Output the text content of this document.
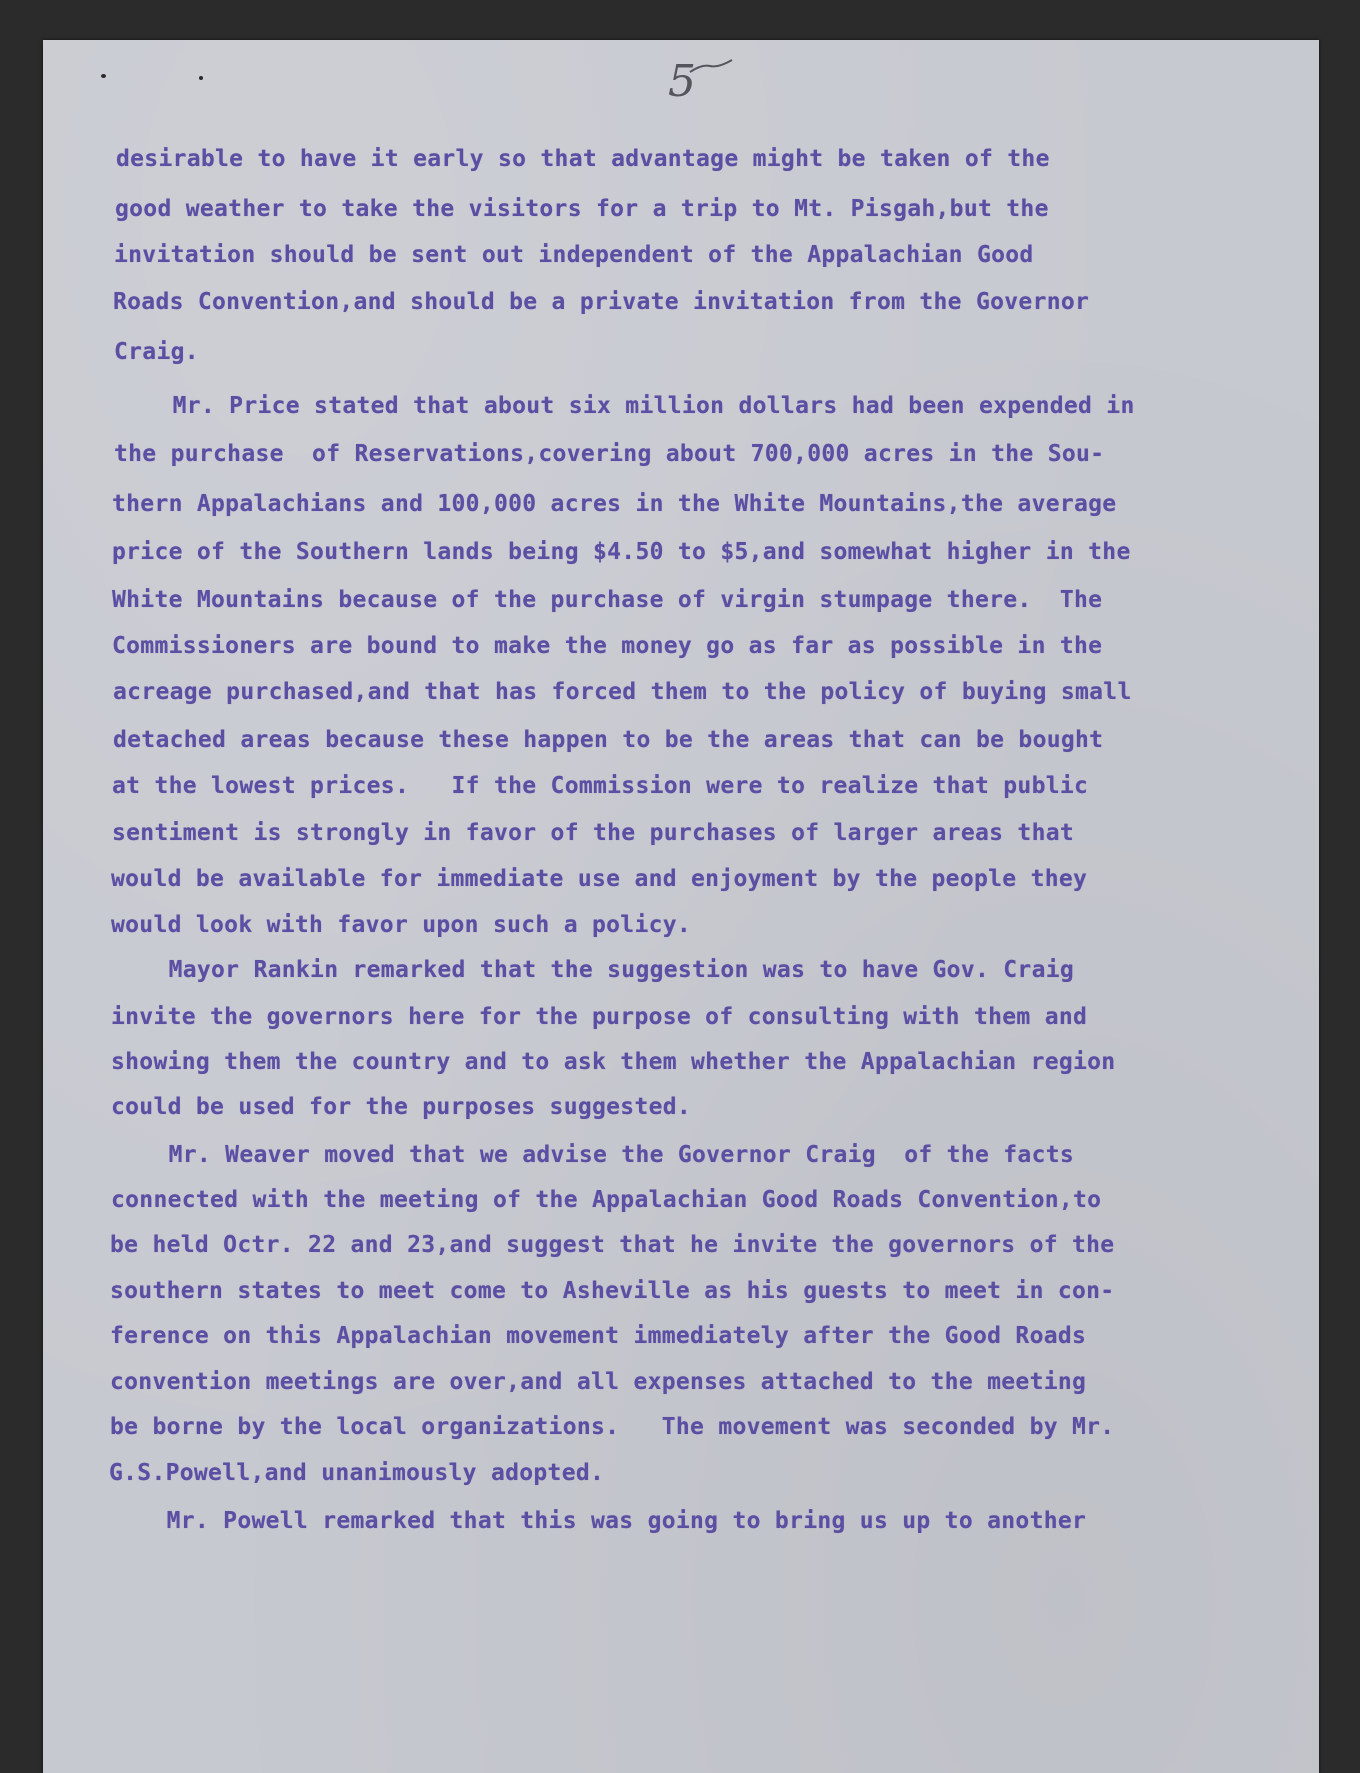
5
desirable to have it early so that advantage might be taken of the
good weather to take the visitors for a trip to Mt. Pisgah,but the
invitation should be sent out independent of the Appalachian Good
Roads Convention,and should be a private invitation from the Governor
Craig.
Mr. Price stated that about six million dollars had been expended in
the purchase  of Reservations,covering about 700,000 acres in the Sou-
thern Appalachians and 100,000 acres in the White Mountains,the average
price of the Southern lands being $4.50 to $5,and somewhat higher in the
White Mountains because of the purchase of virgin stumpage there.  The
Commissioners are bound to make the money go as far as possible in the
acreage purchased,and that has forced them to the policy of buying small
detached areas because these happen to be the areas that can be bought
at the lowest prices.   If the Commission were to realize that public
sentiment is strongly in favor of the purchases of larger areas that
would be available for immediate use and enjoyment by the people they
would look with favor upon such a policy.
Mayor Rankin remarked that the suggestion was to have Gov. Craig
invite the governors here for the purpose of consulting with them and
showing them the country and to ask them whether the Appalachian region
could be used for the purposes suggested.
Mr. Weaver moved that we advise the Governor Craig  of the facts
connected with the meeting of the Appalachian Good Roads Convention,to
be held Octr. 22 and 23,and suggest that he invite the governors of the
southern states to meet come to Asheville as his guests to meet in con-
ference on this Appalachian movement immediately after the Good Roads
convention meetings are over,and all expenses attached to the meeting
be borne by the local organizations.   The movement was seconded by Mr.
G.S.Powell,and unanimously adopted.
Mr. Powell remarked that this was going to bring us up to another
